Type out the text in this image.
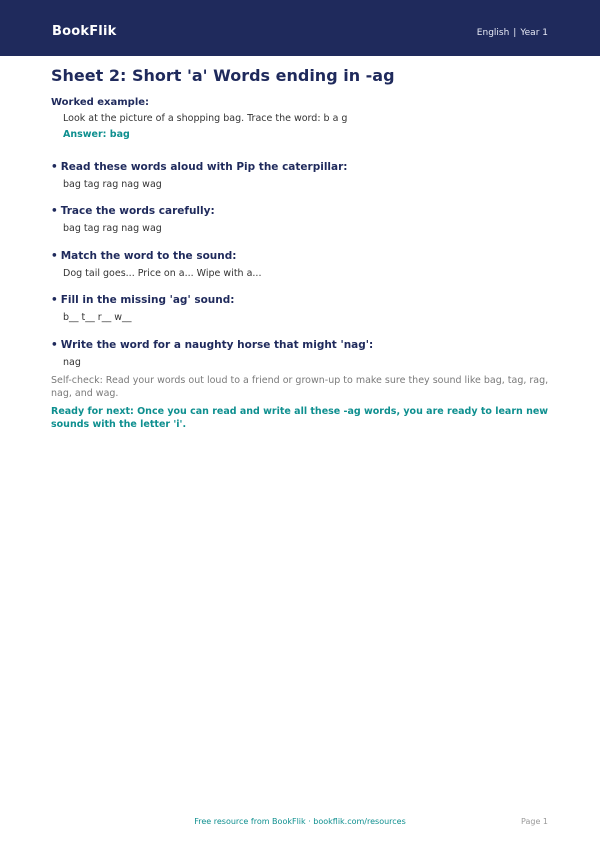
BookFlik	English | Year 1
Sheet 2: Short 'a' Words ending in -ag
Worked example:
Look at the picture of a shopping bag. Trace the word: b a g
Answer: bag
• Read these words aloud with Pip the caterpillar:
bag tag rag nag wag
• Trace the words carefully:
bag tag rag nag wag
• Match the word to the sound:
Dog tail goes... Price on a... Wipe with a...
• Fill in the missing 'ag' sound:
b__ t__ r__ w__
• Write the word for a naughty horse that might 'nag':
nag
Self-check: Read your words out loud to a friend or grown-up to make sure they sound like bag, tag, rag, nag, and wag.
Ready for next: Once you can read and write all these -ag words, you are ready to learn new sounds with the letter 'i'.
Free resource from BookFlik · bookflik.com/resources	Page 1
